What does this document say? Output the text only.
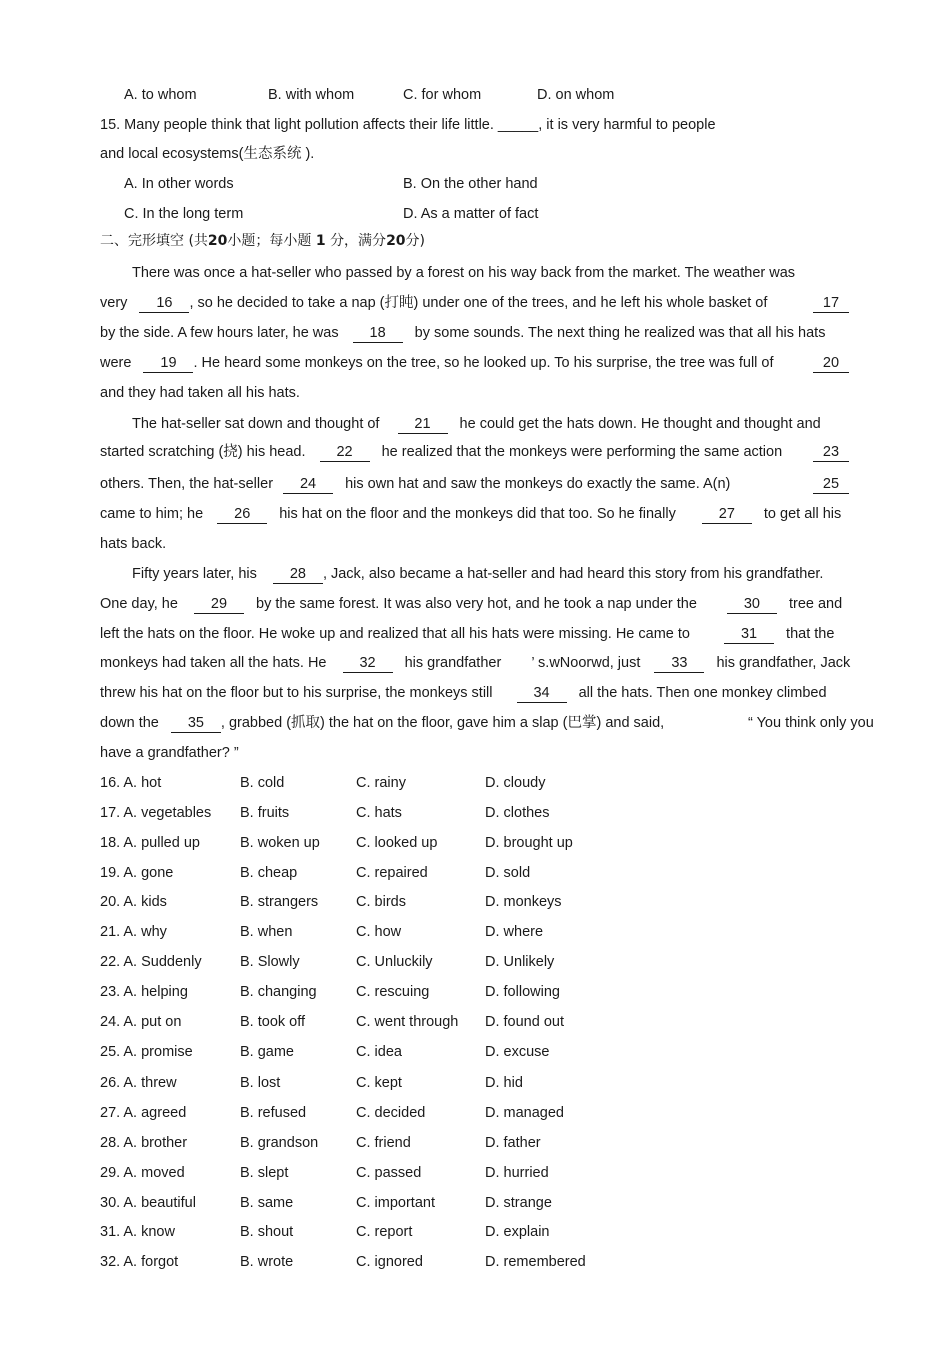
A. to whom	B. with whom	C. for whom	D. on whom
15. Many people think that light pollution affects their life little. _____, it is very harmful to people
and local ecosystems(生态系统 ).
A. In other words	B. On the other hand
C. In the long term	D. As a matter of fact
二、完形填空 (共20小题；每小题 1 分，满分20分)
There was once a hat-seller who passed by a forest on his way back from the market. The weather was
very 16 , so he decided to take a nap (打盹) under one of the trees, and he left his whole basket of	17
by the side. A few hours later, he was 18 by some sounds. The next thing he realized was that all his hats
were 19 . He heard some monkeys on the tree, so he looked up. To his surprise, the tree was full of	20
and they had taken all his hats.
The hat-seller sat down and thought of 21 he could get the hats down. He thought and thought and
started scratching (挠) his head. 22 he realized that the monkeys were performing the same action	23
others. Then, the hat-seller 24 his own hat and saw the monkeys do exactly the same. A(n)	25
came to him; he 26 his hat on the floor and the monkeys did that too. So he finally	27 to get all his
hats back.
Fifty years later, his 28 , Jack, also became a hat-seller and had heard this story from his grandfather.
One day, he 29 by the same forest. It was also very hot, and he took a nap under the	30 tree and
left the hats on the floor. He woke up and realized that all his hats were missing. He came to	31 that the
monkeys had taken all the hats. He 32 his grandfather ’ s.wNoorwd, just 33 his grandfather, Jack
threw his hat on the floor but to his surprise, the monkeys still	34 all the hats. Then one monkey climbed
down the 35 , grabbed (抓取) the hat on the floor, gave him a slap (巴掌) and said,	“ You think only you
have a grandfather? ”
16. A. hot	B. cold	C. rainy	D. cloudy
17. A. vegetables B. fruits	C. hats	D. clothes
18. A. pulled up	B. woken up C. looked up	D. brought up
19. A. gone	B. cheap	C. repaired	D. sold
20. A. kids	B. strangers	C. birds	D. monkeys
21. A. why	B. when	C. how	D. where
22. A. Suddenly	B. Slowly	C. Unluckily	D. Unlikely
23. A. helping	B. changing	C. rescuing	D. following
24. A. put on	B. took off	C. went through D. found out
25. A. promise	B. game	C. idea	D. excuse
26. A. threw	B. lost	C. kept	D. hid
27. A. agreed	B. refused	C. decided	D. managed
28. A. brother	B. grandson	C. friend	D. father
29. A. moved	B. slept	C. passed	D. hurried
30. A. beautiful	B. same	C. important	D. strange
31. A. know	B. shout	C. report	D. explain
32. A. forgot	B. wrote	C. ignored	D. remembered
